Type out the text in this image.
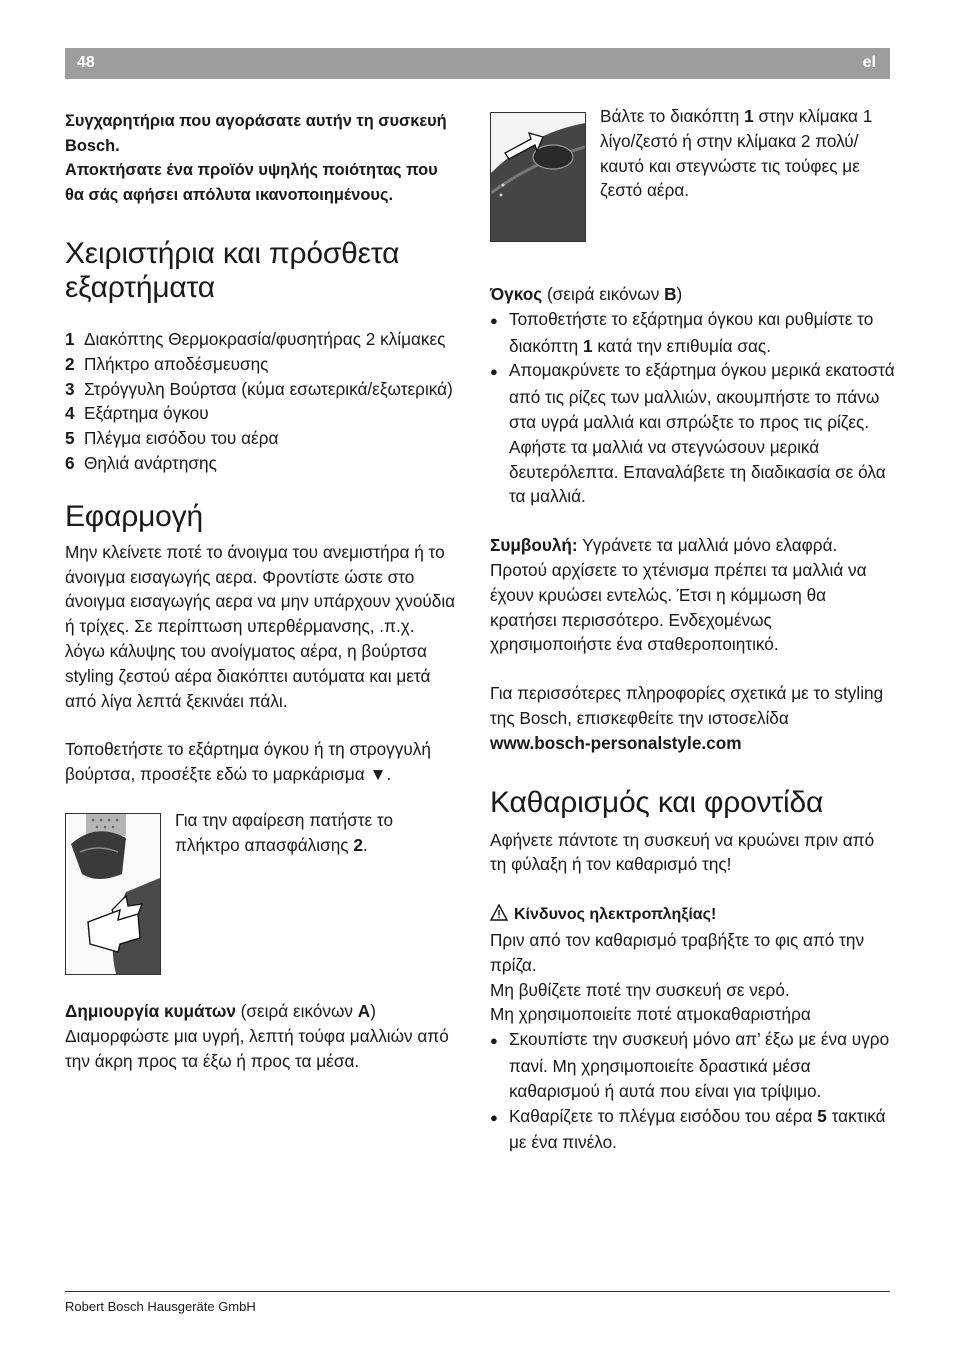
48	el

Συγχαρητήρια που αγοράσατε αυτήν τη συσκευή Bosch.

Αποκτήσατε ένα προϊόν υψηλής ποιότητας που θα σάς αφήσει απόλυτα ικανοποιημένους.

Χειριστήρια και πρόσθετα εξαρτήματα
1 Διακόπτης Θερμοκρασία/φυσητήρας 2 κλίμακες
2 Πλήκτρο αποδέσμευσης
3 Στρόγγυλη Βούρτσα (κύμα εσωτερικά/εξωτερικά)
4 Εξάρτημα όγκου
5 Πλέγμα εισόδου του αέρα
6 Θηλιά ανάρτησης
Εφαρμογή

Μην κλείνετε ποτέ το άνοιγμα του ανεμιστήρα ή το άνοιγμα εισαγωγής αερα. Φροντίστε ώστε στο άνοιγμα εισαγωγής αερα να μην υπάρχουν χνούδια ή τρίχες. Σε περίπτωση υπερθέρμανσης, .π.χ. λόγω κάλυψης του ανοίγματος αέρα, η βούρτσα styling ζεστού αέρα διακόπτει αυτόματα και μετά από λίγα λεπτά ξεκινάει πάλι.

Τοποθετήστε το εξάρτημα όγκου ή τη στρογγυλή βούρτσα, προσέξτε εδώ το μαρκάρισμα ▼.

Για την αφαίρεση πατήστε το πλήκτρο απασφάλισης 2.

Δημιουργία κυμάτων (σειρά εικόνων A)
Διαμορφώστε μια υγρή, λεπτή τούφα μαλλιών από την άκρη προς τα έξω ή προς τα μέσα.

Βάλτε το διακόπτη 1 στην κλίμακα 1 λίγο/ζεστό ή στην κλίμακα 2 πολύ/καυτό και στεγνώστε τις τούφες με ζεστό αέρα.

Όγκος (σειρά εικόνων B)

● Τοποθετήστε το εξάρτημα όγκου και ρυθμίστε το διακόπτη 1 κατά την επιθυμία σας.
● Απομακρύνετε το εξάρτημα όγκου μερικά εκατοστά από τις ρίζες των μαλλιών, ακουμπήστε το πάνω στα υγρά μαλλιά και σπρώξτε το προς τις ρίζες. Αφήστε τα μαλλιά να στεγνώσουν μερικά δευτερόλεπτα. Επαναλάβετε τη διαδικασία σε όλα τα μαλλιά.

Συμβουλή: Υγράνετε τα μαλλιά μόνο ελαφρά. Προτού αρχίσετε το χτένισμα πρέπει τα μαλλιά να έχουν κρυώσει εντελώς. Έτσι η κόμμωση θα κρατήσει περισσότερο. Ενδεχομένως χρησιμοποιήστε ένα σταθεροποιητικό.

Για περισσότερες πληροφορίες σχετικά με το styling της Bosch, επισκεφθείτε την ιστοσελίδα

www.bosch-personalstyle.com

Καθαρισμός και φροντίδα

Αφήνετε πάντοτε τη συσκευή να κρυώνει πριν από τη φύλαξη ή τον καθαρισμό της!

Κίνδυνος ηλεκτροπληξίας!

Πριν από τον καθαρισμό τραβήξτε το φις από την πρίζα.

Μη βυθίζετε ποτέ την συσκευή σε νερό.

Μη χρησιμοποιείτε ποτέ ατμοκαθαριστήρα

● Σκουπίστε την συσκευή μόνο απ’ έξω με ένα υγρο πανί. Μη χρησιμοποιείτε δραστικά μέσα καθαρισμού ή αυτά που είναι για τρίψιμο.
● Καθαρίζετε το πλέγμα εισόδου του αέρα 5 τακτικά με ένα πινέλο.
Robert Bosch Hausgeräte GmbH
